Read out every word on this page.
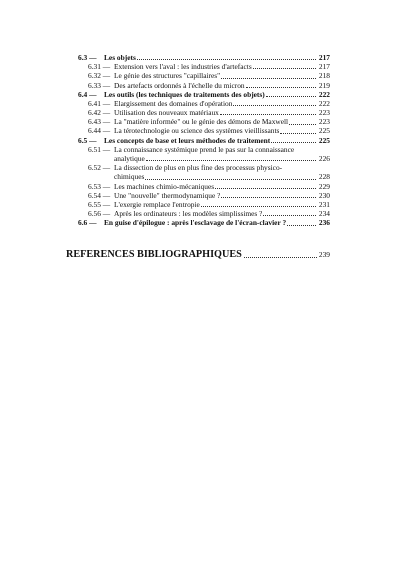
6.3 —	Les objets	217
6.31 — Extension vers l'aval : les industries d'artefacts	217
6.32 — Le génie des structures "capillaires"	218
6.33 — Des artefacts ordonnés à l'échelle du micron	219
6.4 —	Les outils (les techniques de traitements des objets)	222
6.41 — Elargissement des domaines d'opération	222
6.42 — Utilisation des nouveaux matériaux	223
6.43 — La "matière informée" ou le génie des démons de Maxwell	223
6.44 — La térotechnologie ou science des systèmes vieillissants	225
6.5 —	Les concepts de base et leurs méthodes de traitement	225
6.51 — La connaissance systémique prend le pas sur la connaissance
analytique	226
6.52 — La dissection de plus en plus fine des processus physico-
chimiques	228
6.53 — Les machines chimio-mécaniques	229
6.54 — Une "nouvelle" thermodynamique ?	230
6.55 — L'exergie remplace l'entropie	231
6.56 — Après les ordinateurs : les modèles simplissimes ?	234
6.6 —	En guise d'épilogue : après l'esclavage de l'écran-clavier ?	236
REFERENCES BIBLIOGRAPHIQUES	239
